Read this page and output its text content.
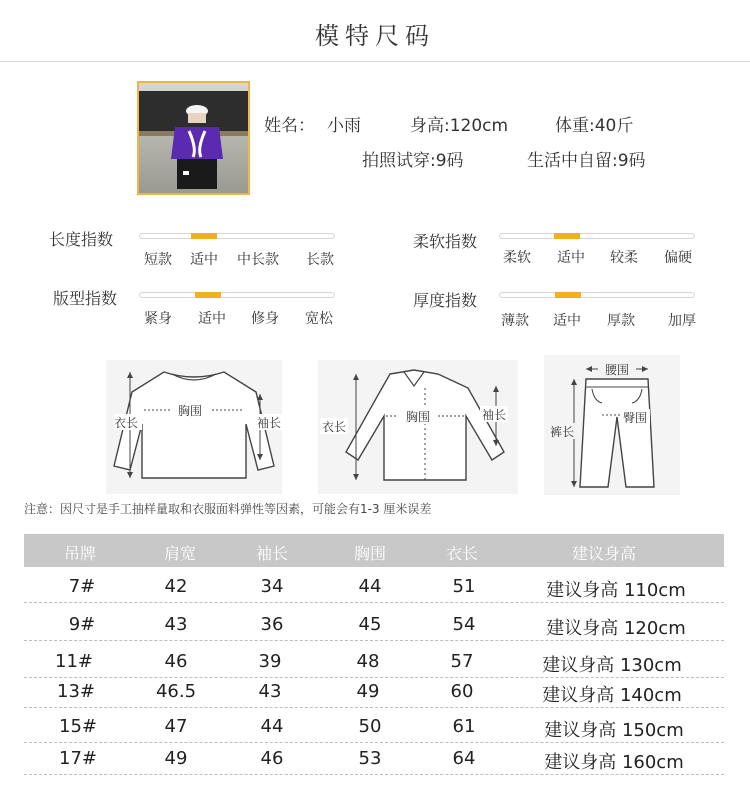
模特尺码
姓名： 小雨	身高:120cm	体重:40斤
拍照试穿:9码	生活中自留:9码
长度指数
短款	适中	中长款	长款
柔软指数
柔软	适中	较柔	偏硬
版型指数
紧身	适中	修身	宽松
厚度指数
薄款	适中	厚款	加厚
胸围
衣长	袖长	胸围
衣长
袖长
腰围
臀围
裤长
注意：因尺寸是手工抽样量取和衣服面料弹性等因素，可能会有1-3 厘米误差
吊牌	肩宽	袖长	胸围	衣长	建议身高
7#	42	34	44	51	建议身高 110cm
9#	43	36	45	54	建议身高 120cm
11#	46	39	48	57	建议身高 130cm
13#	46.5	43	49	60	建议身高 140cm
15#	47	44	50	61	建议身高 150cm
17#	49	46	53	64	建议身高 160cm
